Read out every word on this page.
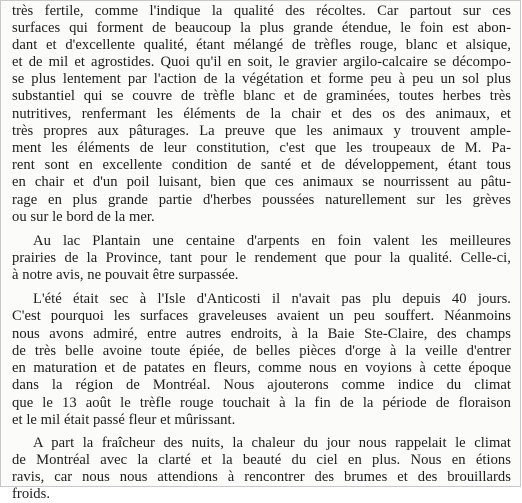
très fertile, comme l'indique la qualité des récoltes. Car partout sur ces
surfaces qui forment de beaucoup la plus grande étendue, le foin est abon-
dant et d'excellente qualité, étant mélangé de trèfles rouge, blanc et alsique,
et de mil et agrostides. Quoi qu'il en soit, le gravier argilo-calcaire se décompo-
se plus lentement par l'action de la végétation et forme peu à peu un sol plus
substantiel qui se couvre de trèfle blanc et de graminées, toutes herbes très
nutritives, renfermant les éléments de la chair et des os des animaux, et
très propres aux pâturages. La preuve que les animaux y trouvent ample-
ment les éléments de leur constitution, c'est que les troupeaux de M. Pa-
rent sont en excellente condition de santé et de développement, étant tous
en chair et d'un poil luisant, bien que ces animaux se nourrissent au pâtu-
rage en plus grande partie d'herbes poussées naturellement sur les grèves
ou sur le bord de la mer.
Au lac Plantain une centaine d'arpents en foin valent les meilleures
prairies de la Province, tant pour le rendement que pour la qualité. Celle-ci,
à notre avis, ne pouvait être surpassée.
L'été était sec à l'Isle d'Anticosti il n'avait pas plu depuis 40 jours.
C'est pourquoi les surfaces graveleuses avaient un peu souffert. Néanmoins
nous avons admiré, entre autres endroits, à la Baie Ste-Claire, des champs
de très belle avoine toute épiée, de belles pièces d'orge à la veille d'entrer
en maturation et de patates en fleurs, comme nous en voyions à cette époque
dans la région de Montréal. Nous ajouterons comme indice du climat
que le 13 août le trèfle rouge touchait à la fin de la période de floraison
et le mil était passé fleur et mûrissant.
A part la fraîcheur des nuits, la chaleur du jour nous rappelait le climat
de Montréal avec la clarté et la beauté du ciel en plus. Nous en étions
ravis, car nous nous attendions à rencontrer des brumes et des brouillards
froids.
